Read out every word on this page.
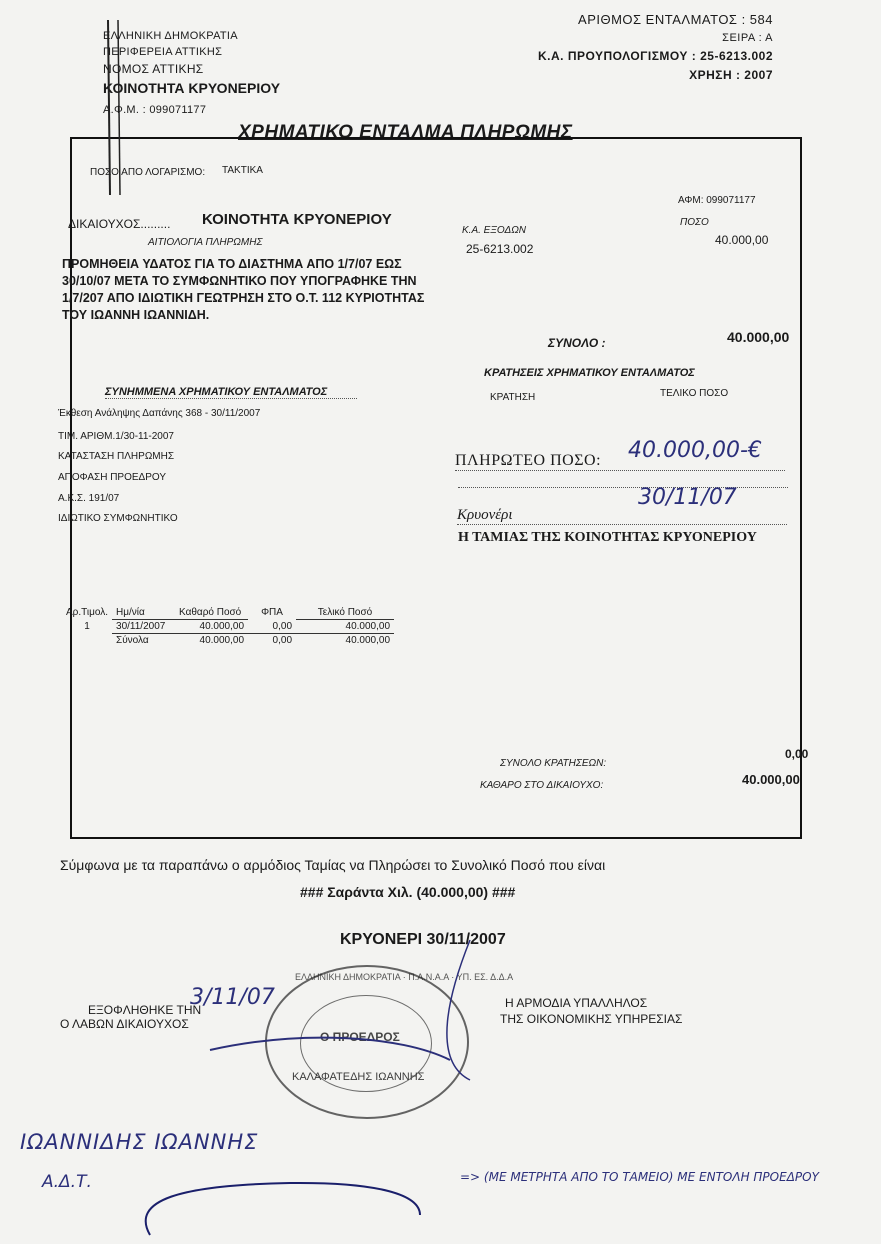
ΕΛΛΗΝΙΚΗ ΔΗΜΟΚΡΑΤΙΑ
ΠΕΡΙΦΕΡΕΙΑ ΑΤΤΙΚΗΣ
ΝΟΜΟΣ ΑΤΤΙΚΗΣ
ΚΟΙΝΟΤΗΤΑ ΚΡΥΟΝΕΡΙΟΥ
Α.Φ.Μ. : 099071177
ΑΡΙΘΜΟΣ ΕΝΤΑΛΜΑΤΟΣ : 584
ΣΕΙΡΑ : Α
Κ.Α. ΠΡΟΥΠΟΛΟΓΙΣΜΟΥ : 25-6213.002
ΧΡΗΣΗ : 2007
ΧΡΗΜΑΤΙΚΟ ΕΝΤΑΛΜΑ ΠΛΗΡΩΜΗΣ
ΠΟΣΟ ΑΠΟ ΛΟΓΑΡΙΣΜΟ: ΤΑΚΤΙΚΑ
ΑΦΜ: 099071177
ΔΙΚΑΙΟΥΧΟΣ......... ΚΟΙΝΟΤΗΤΑ ΚΡΥΟΝΕΡΙΟΥ
ΑΙΤΙΟΛΟΓΙΑ ΠΛΗΡΩΜΗΣ
Κ.Α. ΕΞΟΔΩΝ
25-6213.002
ΠΟΣΟ
40.000,00
ΠΡΟΜΗΘΕΙΑ ΥΔΑΤΟΣ ΓΙΑ ΤΟ ΔΙΑΣΤΗΜΑ ΑΠΟ 1/7/07 ΕΩΣ 30/10/07 ΜΕΤΑ ΤΟ ΣΥΜΦΩΝΗΤΙΚΟ ΠΟΥ ΥΠΟΓΡΑΦΗΚΕ ΤΗΝ 1/7/207 ΑΠΟ ΙΔΙΩΤΙΚΗ ΓΕΩΤΡΗΣΗ ΣΤΟ Ο.Τ. 112 ΚΥΡΙΟΤΗΤΑΣ ΤΟΥ ΙΩΑΝΝΗ ΙΩΑΝΝΙΔΗ.
ΣΥΝΟΛΟ :	40.000,00
ΣΥΝΗΜΜΕΝΑ ΧΡΗΜΑΤΙΚΟΥ ΕΝΤΑΛΜΑΤΟΣ
Έκθεση Ανάληψης Δαπάνης 368 - 30/11/2007
ΤΙΜ. ΑΡΙΘΜ.1/30-11-2007
ΚΑΤΑΣΤΑΣΗ ΠΛΗΡΩΜΗΣ
ΑΠΟΦΑΣΗ ΠΡΟΕΔΡΟΥ
Α.Κ.Σ. 191/07
ΙΔΙΩΤΙΚΟ ΣΥΜΦΩΝΗΤΙΚΟ
ΚΡΑΤΗΣΕΙΣ ΧΡΗΜΑΤΙΚΟΥ ΕΝΤΑΛΜΑΤΟΣ
ΚΡΑΤΗΣΗ	ΤΕΛΙΚΟ ΠΟΣΟ
ΠΛΗΡΩΤΕΟ ΠΟΣΟ:	40.000,00-€
Κρυονέρι
30/11/07
Η ΤΑΜΙΑΣ ΤΗΣ ΚΟΙΝΟΤΗΤΑΣ ΚΡΥΟΝΕΡΙΟΥ
Αρ.Τιμολ.	Ημ/νία	Καθαρό Ποσό	ΦΠΑ	Τελικό Ποσό
1	30/11/2007	40.000,00	0,00	40.000,00
	Σύνολα	40.000,00	0,00	40.000,00
ΣΥΝΟΛΟ ΚΡΑΤΗΣΕΩΝ:
0,00
ΚΑΘΑΡΟ ΣΤΟ ΔΙΚΑΙΟΥΧΟ:	40.000,00
Σύμφωνα με τα παραπάνω ο αρμόδιος Ταμίας να Πληρώσει το Συνολικό Ποσό που είναι
### Σαράντα Χιλ. (40.000,00) ###
ΚΡΥΟΝΕΡΙ 30/11/2007
ΕΞΟΦΛΗΘΗΚΕ ΤΗΝ
3/11/07
Ο ΛΑΒΩΝ ΔΙΚΑΙΟΥΧΟΣ
Η ΑΡΜΟΔΙΑ ΥΠΑΛΛΗΛΟΣ
ΤΗΣ ΟΙΚΟΝΟΜΙΚΗΣ ΥΠΗΡΕΣΙΑΣ
ΕΛΛΗΝΙΚΗ ΔΗΜΟΚΡΑΤΙΑ · Π.Α.Ν.Α.Α · ΥΠ. ΕΣ. Δ.Δ.Α
Ο ΠΡΟΕΔΡΟΣ
ΚΑΛΑΦΑΤΕΔΗΣ ΙΩΑΝΝΗΣ
ΙΩΑΝΝΙΔΗΣ ΙΩΑΝΝΗΣ
Α.Δ.Τ.	=> (ΜΕ ΜΕΤΡΗΤΑ ΑΠΟ ΤΟ ΤΑΜΕΙΟ) ΜΕ ΕΝΤΟΛΗ ΠΡΟΕΔΡΟΥ
